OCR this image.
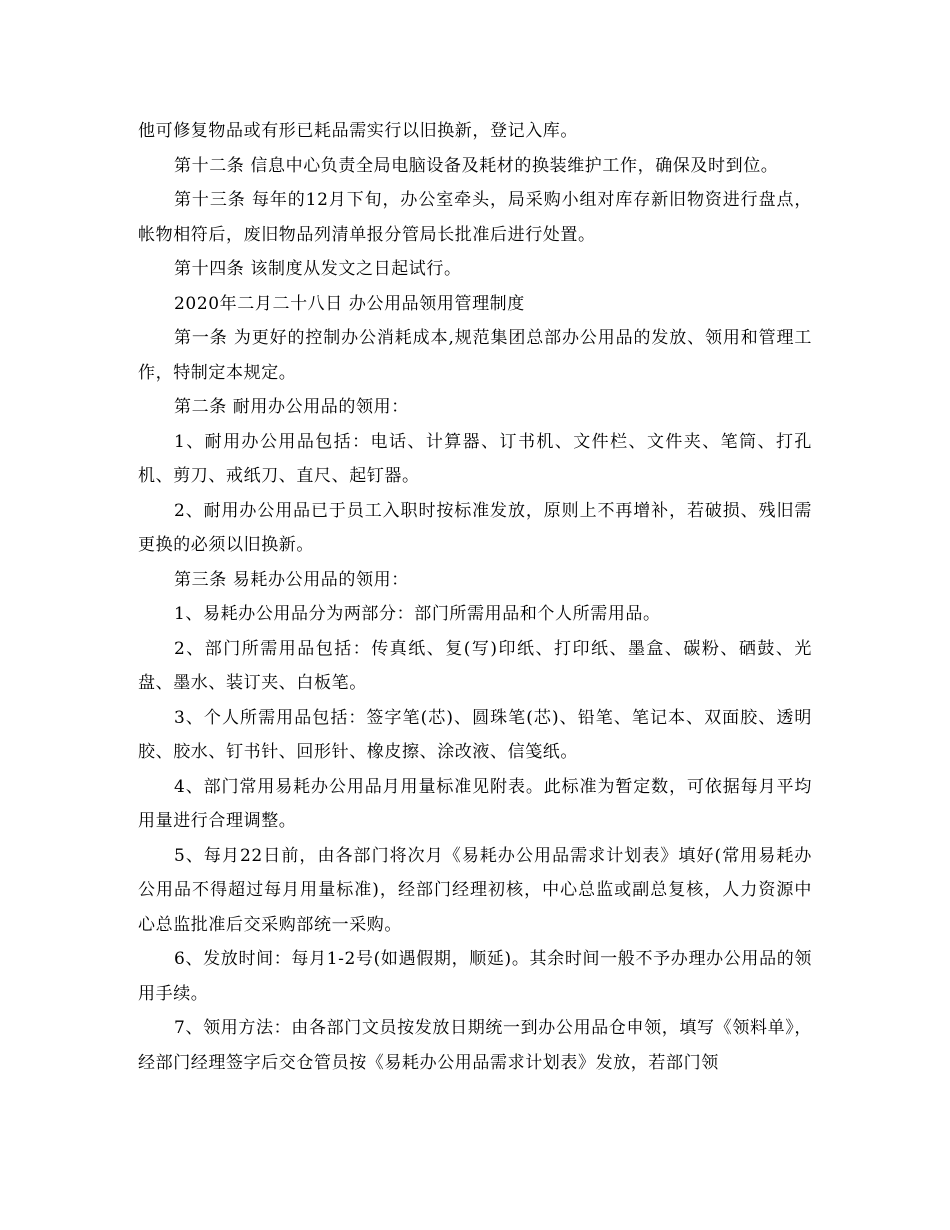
他可修复物品或有形已耗品需实行以旧换新，登记入库。

第十二条 信息中心负责全局电脑设备及耗材的换装维护工作，确保及时到位。

第十三条 每年的12月下旬，办公室牵头，局采购小组对库存新旧物资进行盘点，帐物相符后，废旧物品列清单报分管局长批准后进行处置。

第十四条 该制度从发文之日起试行。

2020年二月二十八日 办公用品领用管理制度

第一条 为更好的控制办公消耗成本,规范集团总部办公用品的发放、领用和管理工作，特制定本规定。

第二条 耐用办公用品的领用：

1、耐用办公用品包括：电话、计算器、订书机、文件栏、文件夹、笔筒、打孔机、剪刀、戒纸刀、直尺、起钉器。

2、耐用办公用品已于员工入职时按标准发放，原则上不再增补，若破损、残旧需更换的必须以旧换新。

第三条 易耗办公用品的领用：

1、易耗办公用品分为两部分：部门所需用品和个人所需用品。

2、部门所需用品包括：传真纸、复(写)印纸、打印纸、墨盒、碳粉、硒鼓、光盘、墨水、装订夹、白板笔。

3、个人所需用品包括：签字笔(芯)、圆珠笔(芯)、铅笔、笔记本、双面胶、透明胶、胶水、钉书针、回形针、橡皮擦、涂改液、信笺纸。

4、部门常用易耗办公用品月用量标准见附表。此标准为暂定数，可依据每月平均用量进行合理调整。

5、每月22日前，由各部门将次月《易耗办公用品需求计划表》填好(常用易耗办公用品不得超过每月用量标准)，经部门经理初核，中心总监或副总复核，人力资源中心总监批准后交采购部统一采购。

6、发放时间：每月1-2号(如遇假期，顺延)。其余时间一般不予办理办公用品的领用手续。

7、领用方法：由各部门文员按发放日期统一到办公用品仓申领，填写《领料单》，经部门经理签字后交仓管员按《易耗办公用品需求计划表》发放，若部门领
